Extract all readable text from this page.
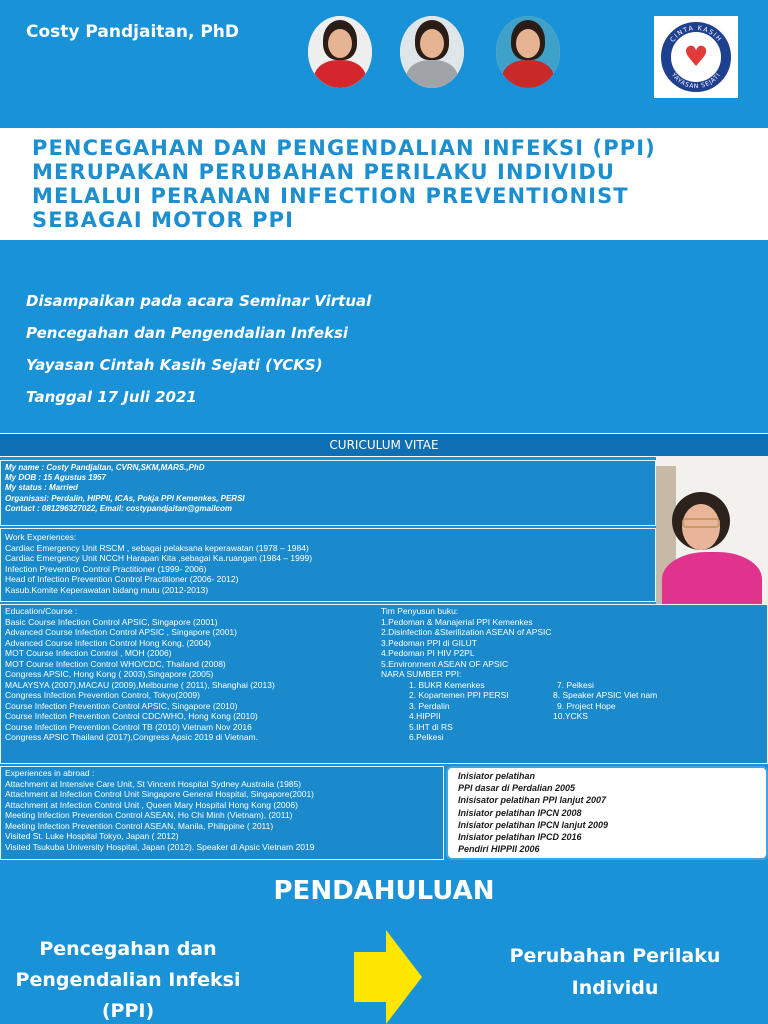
Costy Pandjaitan, PhD
♥
CINTA KASIH
YAYASAN SEJATI
PENCEGAHAN DAN PENGENDALIAN INFEKSI (PPI)
MERUPAKAN PERUBAHAN PERILAKU INDIVIDU
MELALUI PERANAN INFECTION PREVENTIONIST
SEBAGAI MOTOR PPI
Disampaikan pada acara Seminar Virtual
Pencegahan dan Pengendalian Infeksi
Yayasan Cintah Kasih Sejati (YCKS)
Tanggal 17 Juli 2021
CURICULUM VITAE
My name : Costy Pandjaitan, CVRN,SKM,MARS.,PhD
My DOB : 15 Agustus 1957
My status : Married
Organisasi: Perdalin, HIPPII, ICAs, Pokja PPI Kemenkes, PERSI
Contact : 081296327022, Email: costypandjaitan@gmailcom
Work Experiences:
Cardiac Emergency Unit RSCM , sebagai pelaksana keperawatan (1978 – 1984)
Cardiac Emergency Unit NCCH Harapan Kita ,sebagai Ka.ruangan (1984 – 1999)
Infection Prevention Control Practitioner (1999- 2006)
Head of Infection Prevention Control Practitioner (2006- 2012)
Kasub.Komite Keperawatan bidang mutu (2012-2013)
Education/Course :
Basic Course Infection Control APSIC, Singapore (2001)
Advanced Course Infection Control APSIC , Singapore (2001)
Advanced Course Infection Control Hong Kong, (2004)
MOT Course Infection Control , MOH (2006)
MOT Course Infection Control WHO/CDC, Thailand (2008)
Congress APSIC, Hong Kong ( 2003),Singapore (2005)
MALAYSYA (2007),MACAU (2009),Melbourne ( 2011), Shanghai (2013)
Congress Infection Prevention Control, Tokyo(2009)
Course Infection Prevention Control APSIC, Singapore (2010)
Course Infection Prevention Control CDC/WHO, Hong Kong (2010)
Course Infection Prevention Control TB (2010) Vietnam Nov 2016
Congress APSIC Thailand (2017),Congress Apsic 2019 di Vietnam.
Tim Penyusun buku:
1.Pedoman & Manajerial PPI Kemenkes
2.Disinfection &Sterilization ASEAN of APSIC
3.Pedoman PPI di GILUT
4.Pedoman PI HIV P2PL
5.Environment ASEAN OF APSIC
NARA SUMBER PPI:
1. BUKR Kemenkes
2. Kopartemen PPI PERSI
3. Perdalin
4.HIPPII
5.IHT di RS
6.Pelkesi
7. Pelkesi
8. Speaker APSIC Viet nam
9. Project Hope
10.YCKS
Experiences in abroad :
Attachment at Intensive Care Unit, St Vincent Hospital Sydney Australia (1985)
Attachment at Infection Control Unit Singapore General Hospital, Singapore(2001)
Attachment at Infection Control Unit , Queen Mary Hospital Hong Kong (2006)
Meeting Infection Prevention Control ASEAN, Ho Chi Minh (Vietnam), (2011)
Meeting Infection Prevention Control ASEAN, Manila, Philippine ( 2011)
Visited St. Luke Hospital Tokyo, Japan ( 2012)
Visited Tsukuba University Hospital, Japan (2012). Speaker di Apsic Vietnam 2019
Inisiator pelatihan
PPI dasar di Perdalian 2005
Inisisator pelatihan PPI lanjut 2007
Inisiator pelatihan IPCN 2008
Inisiator pelatihan IPCN lanjut 2009
Inisiator pelatihan IPCD 2016
Pendiri HIPPII 2006
PENDAHULUAN
Pencegahan dan
Pengendalian Infeksi
(PPI)
Perubahan Perilaku
Individu
